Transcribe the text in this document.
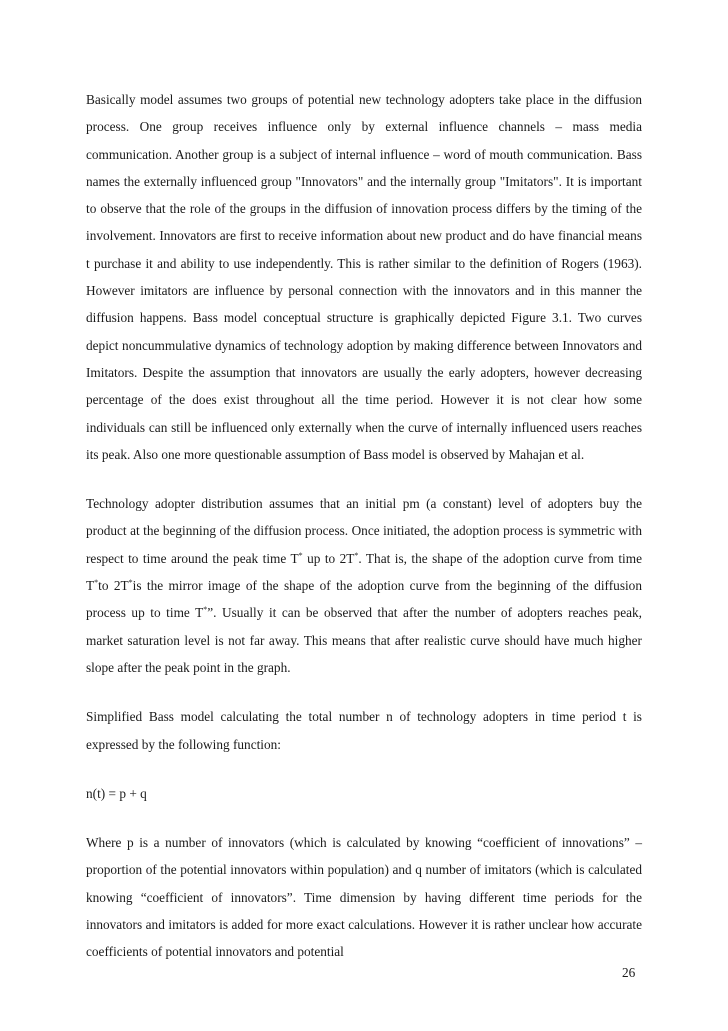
Basically model assumes two groups of potential new technology adopters take place in the diffusion process. One group receives influence only by external influence channels – mass media communication. Another group is a subject of internal influence – word of mouth communication. Bass names the externally influenced group "Innovators" and the internally group "Imitators". It is important to observe that the role of the groups in the diffusion of innovation process differs by the timing of the involvement. Innovators are first to receive information about new product and do have financial means t purchase it and ability to use independently. This is rather similar to the definition of Rogers (1963). However imitators are influence by personal connection with the innovators and in this manner the diffusion happens. Bass model conceptual structure is graphically depicted Figure 3.1. Two curves depict noncummulative dynamics of technology adoption by making difference between Innovators and Imitators. Despite the assumption that innovators are usually the early adopters, however decreasing percentage of the does exist throughout all the time period. However it is not clear how some individuals can still be influenced only externally when the curve of internally influenced users reaches its peak. Also one more questionable assumption of Bass model is observed by Mahajan et al.

Technology adopter distribution assumes that an initial pm (a constant) level of adopters buy the product at the beginning of the diffusion process. Once initiated, the adoption process is symmetric with respect to time around the peak time T* up to 2T*. That is, the shape of the adoption curve from time T*to 2T*is the mirror image of the shape of the adoption curve from the beginning of the diffusion process up to time T*”. Usually it can be observed that after the number of adopters reaches peak, market saturation level is not far away. This means that after realistic curve should have much higher slope after the peak point in the graph.

Simplified Bass model calculating the total number n of technology adopters in time period t is expressed by the following function:

n(t) = p + q

Where p is a number of innovators (which is calculated by knowing “coefficient of innovations” – proportion of the potential innovators within population) and q number of imitators (which is calculated knowing “coefficient of innovators”. Time dimension by having different time periods for the innovators and imitators is added for more exact calculations. However it is rather unclear how accurate coefficients of potential innovators and potential

26
